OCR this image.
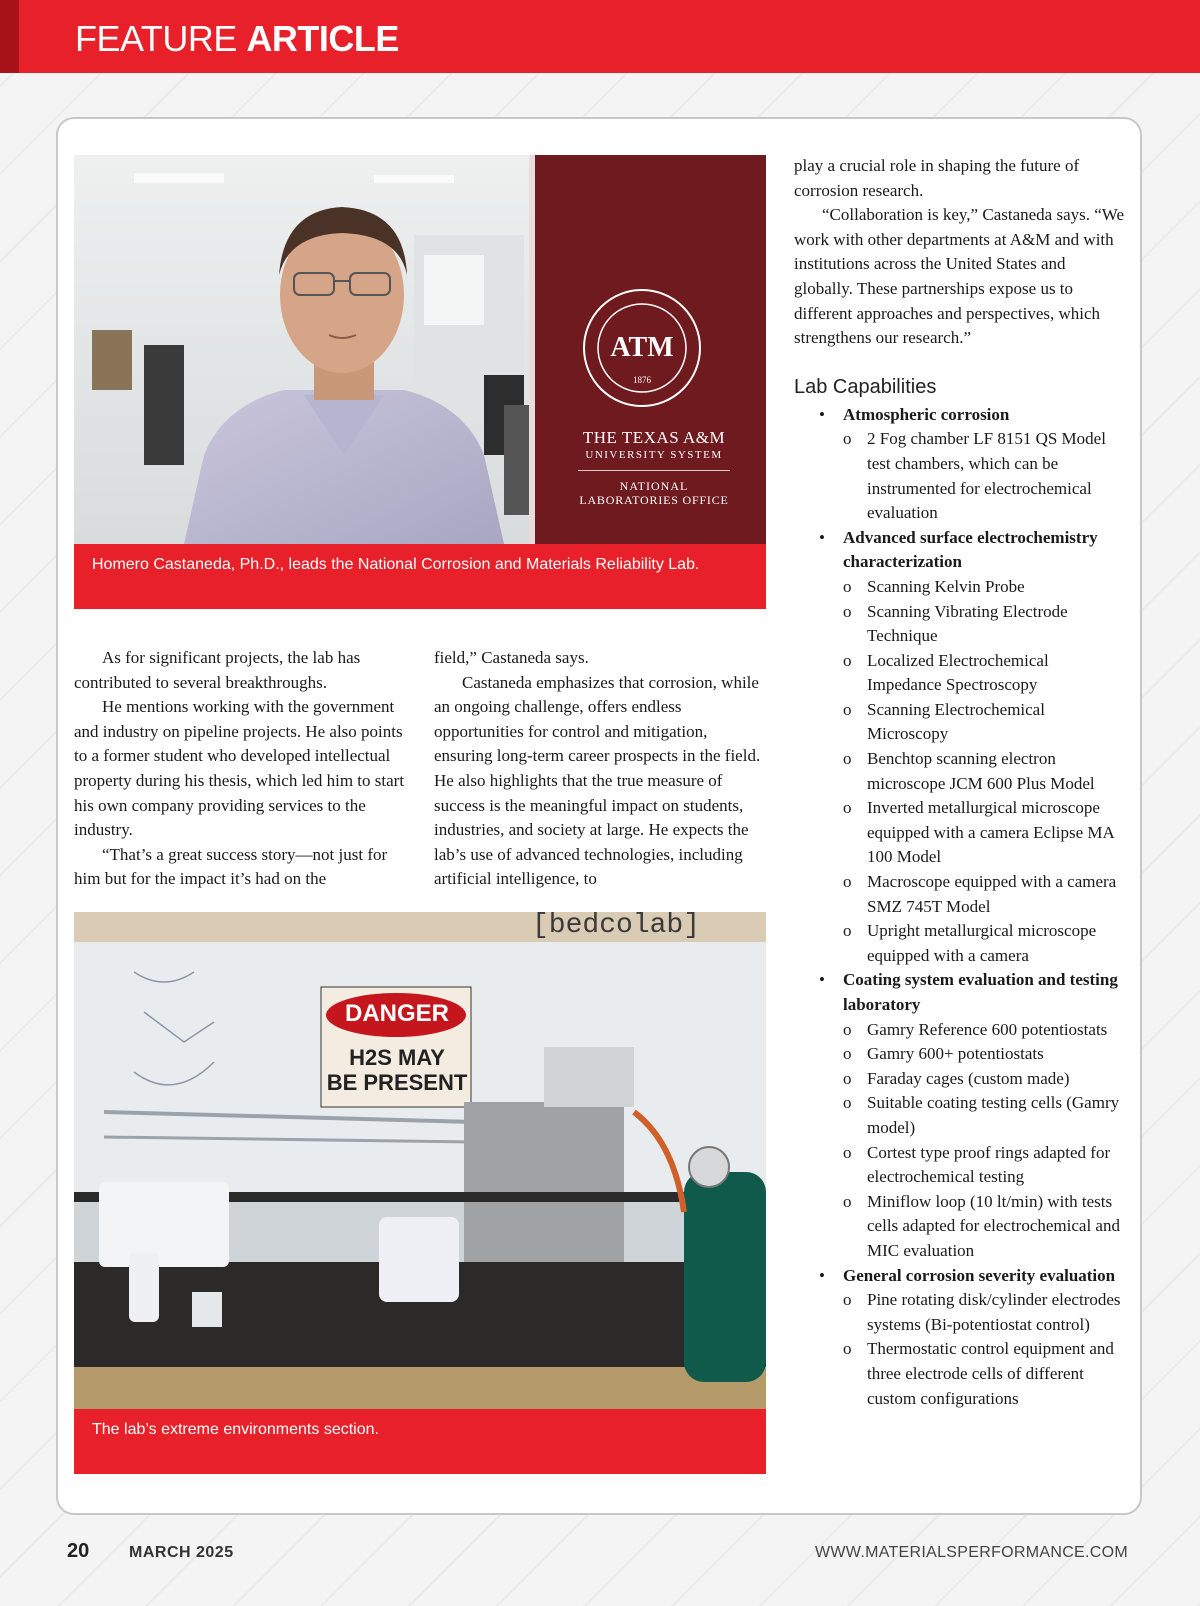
FEATURE ARTICLE
ATM
1876
THE TEXAS A&M
UNIVERSITY SYSTEM
NATIONAL
LABORATORIES OFFICE
Homero Castaneda, Ph.D., leads the National Corrosion and Materials Reliability Lab.

As for significant projects, the lab has contributed to several breakthroughs.

He mentions working with the government and industry on pipeline projects. He also points to a former student who developed intellectual property during his thesis, which led him to start his own company providing services to the industry.

“That’s a great success story—not just for him but for the impact it’s had on the

field,” Castaneda says.

Castaneda emphasizes that corrosion, while an ongoing challenge, offers endless opportunities for control and mitigation, ensuring long-term career prospects in the field. He also highlights that the true measure of success is the meaningful impact on students, industries, and society at large. He expects the lab’s use of advanced technologies, including artificial intelligence, to

DANGER
H2S MAY
BE PRESENT
[bedcolab]
The lab’s extreme environments section.

play a crucial role in shaping the future of corrosion research.

“Collaboration is key,” Castaneda says. “We work with other departments at A&M and with institutions across the United States and globally. These partnerships expose us to different approaches and perspectives, which strengthens our research.”

Lab Capabilities
• Atmospheric corrosion
o 2 Fog chamber LF 8151 QS Model test chambers, which can be instrumented for electrochemical evaluation
• Advanced surface electrochemistry characterization
o Scanning Kelvin Probe
o Scanning Vibrating Electrode Technique
o Localized Electrochemical Impedance Spectroscopy
o Scanning Electrochemical Microscopy
o Benchtop scanning electron microscope JCM 600 Plus Model
o Inverted metallurgical microscope equipped with a camera Eclipse MA 100 Model
o Macroscope equipped with a camera SMZ 745T Model
o Upright metallurgical microscope equipped with a camera
• Coating system evaluation and testing laboratory
o Gamry Reference 600 potentiostats
o Gamry 600+ potentiostats
o Faraday cages (custom made)
o Suitable coating testing cells (Gamry model)
o Cortest type proof rings adapted for electrochemical testing
o Miniflow loop (10 lt/min) with tests cells adapted for electrochemical and MIC evaluation
• General corrosion severity evaluation
o Pine rotating disk/cylinder electrodes systems (Bi-potentiostat control)
o Thermostatic control equipment and three electrode cells of different custom configurations
20 MARCH 2025	WWW.MATERIALSPERFORMANCE.COM
